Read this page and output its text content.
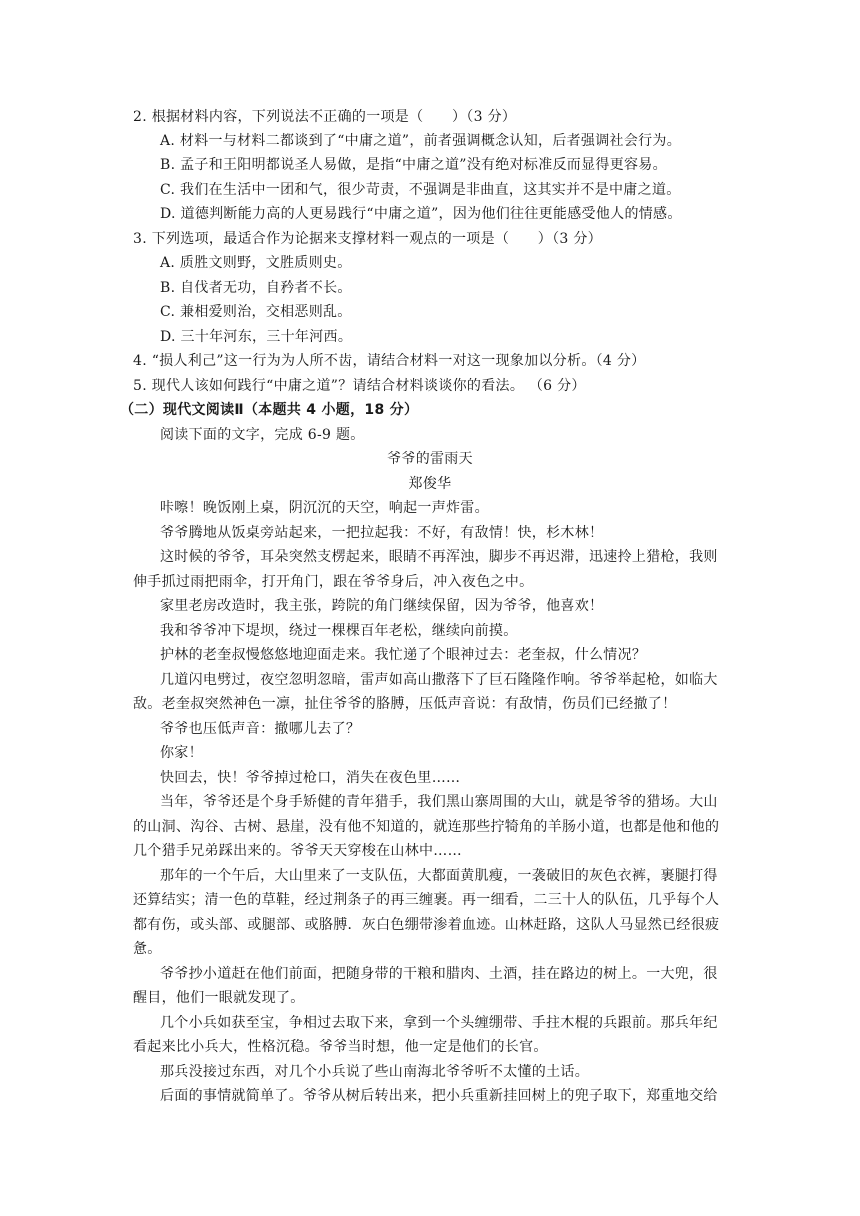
2. 根据材料内容，下列说法不正确的一项是（　　）（3 分）
A. 材料一与材料二都谈到了“中庸之道”，前者强调概念认知，后者强调社会行为。
B. 孟子和王阳明都说圣人易做，是指“中庸之道”没有绝对标准反而显得更容易。
C. 我们在生活中一团和气，很少苛责，不强调是非曲直，这其实并不是中庸之道。
D. 道德判断能力高的人更易践行“中庸之道”，因为他们往往更能感受他人的情感。
3. 下列选项，最适合作为论据来支撑材料一观点的一项是（　　）（3 分）
A. 质胜文则野，文胜质则史。
B. 自伐者无功，自矜者不长。
C. 兼相爱则治，交相恶则乱。
D. 三十年河东，三十年河西。
4. “损人利己”这一行为为人所不齿，请结合材料一对这一现象加以分析。（4 分）
5. 现代人该如何践行“中庸之道”？请结合材料谈谈你的看法。 （6 分）
（二）现代文阅读Ⅱ（本题共 4 小题，18 分）
阅读下面的文字，完成 6-9 题。
爷爷的雷雨天
郑俊华
咔嚓！晚饭刚上桌，阴沉沉的天空，响起一声炸雷。
爷爷腾地从饭桌旁站起来，一把拉起我：不好，有敌情！快，杉木林！
这时候的爷爷，耳朵突然支楞起来，眼睛不再浑浊，脚步不再迟滞，迅速拎上猎枪，我则
伸手抓过雨把雨伞，打开角门，跟在爷爷身后，冲入夜色之中。
家里老房改造时，我主张，跨院的角门继续保留，因为爷爷，他喜欢！
我和爷爷冲下堤坝，绕过一棵棵百年老松，继续向前摸。
护林的老奎叔慢悠悠地迎面走来。我忙递了个眼神过去：老奎叔，什么情况？
几道闪电劈过，夜空忽明忽暗，雷声如高山撒落下了巨石隆隆作响。爷爷举起枪，如临大
敌。老奎叔突然神色一凛，扯住爷爷的胳膊，压低声音说：有敌情，伤员们已经撤了！
爷爷也压低声音：撤哪儿去了？
你家！
快回去，快！爷爷掉过枪口，消失在夜色里……
当年，爷爷还是个身手矫健的青年猎手，我们黑山寨周围的大山，就是爷爷的猎场。大山
的山洞、沟谷、古树、悬崖，没有他不知道的，就连那些拧犄角的羊肠小道，也都是他和他的
几个猎手兄弟踩出来的。爷爷天天穿梭在山林中……
那年的一个午后，大山里来了一支队伍，大都面黄肌瘦，一袭破旧的灰色衣裤，裹腿打得
还算结实；清一色的草鞋，经过荆条子的再三缠裹。再一细看，二三十人的队伍，几乎每个人
都有伤，或头部、或腿部、或胳膊．灰白色绷带渗着血迹。山林赶路，这队人马显然已经很疲
惫。
爷爷抄小道赶在他们前面，把随身带的干粮和腊肉、土酒，挂在路边的树上。一大兜，很
醒目，他们一眼就发现了。
几个小兵如获至宝，争相过去取下来，拿到一个头缠绷带、手拄木棍的兵跟前。那兵年纪
看起来比小兵大，性格沉稳。爷爷当时想，他一定是他们的长官。
那兵没接过东西，对几个小兵说了些山南海北爷爷听不太懂的土话。
后面的事情就简单了。爷爷从树后转出来，把小兵重新挂回树上的兜子取下，郑重地交给
